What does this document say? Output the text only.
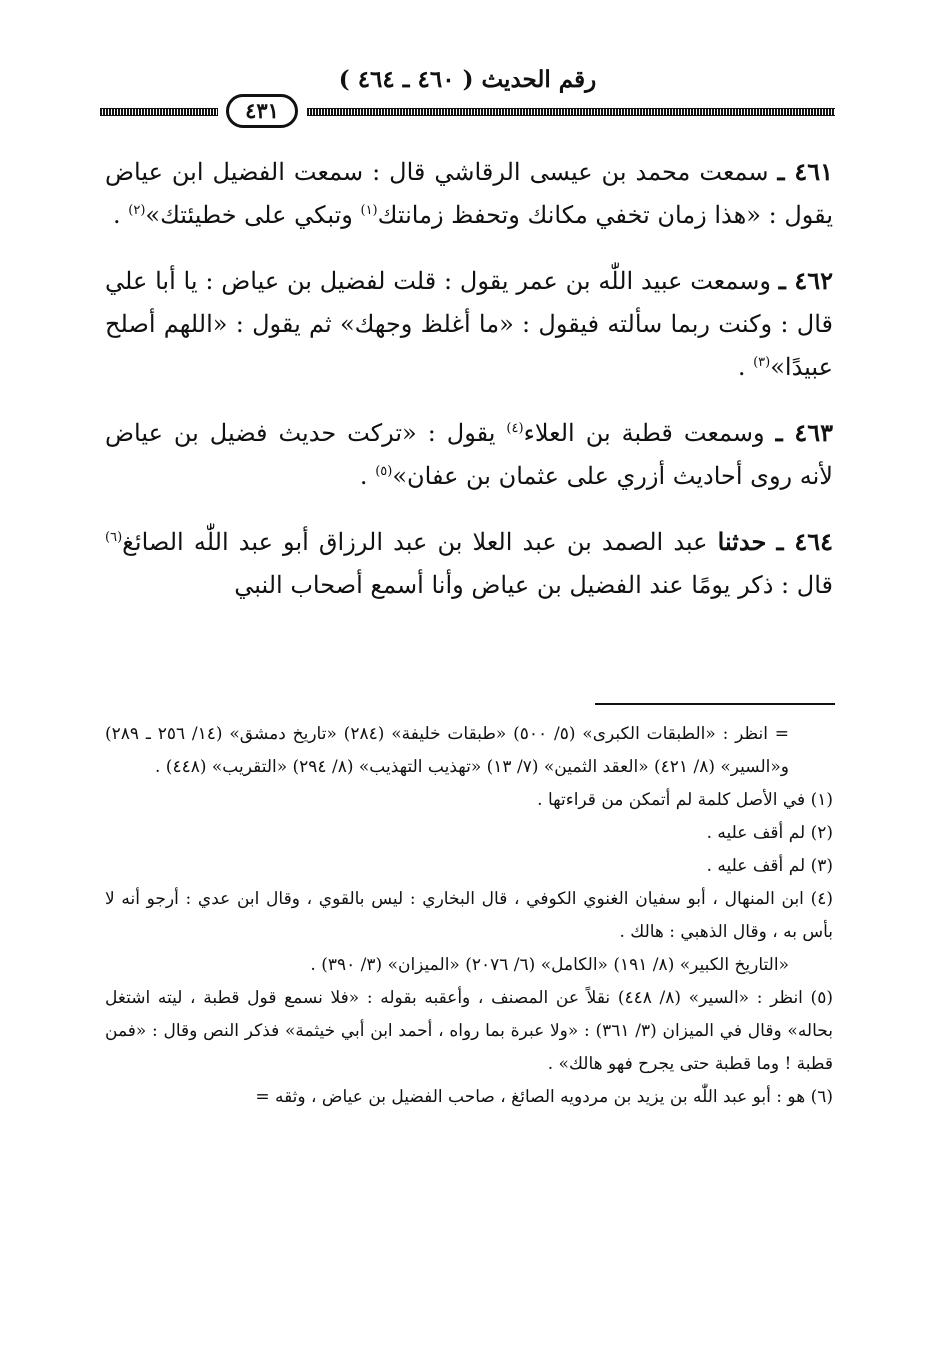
رقم الحديث ( ٤٦٠ ـ ٤٦٤ )
٤٣١

٤٦١ ـ سمعت محمد بن عيسى الرقاشي قال : سمعت الفضيل ابن عياض يقول : «هذا زمان تخفي مكانك وتحفظ زمانتك$^{(١)}$ وتبكي على خطيئتك»$^{(٢)}$ .

٤٦٢ ـ وسمعت عبيد اللّٰه بن عمر يقول : قلت لفضيل بن عياض : يا أبا علي قال : وكنت ربما سألته فيقول : «ما أغلظ وجهك» ثم يقول : «اللهم أصلح عبيدًا»$^{(٣)}$ .

٤٦٣ ـ وسمعت قطبة بن العلاء$^{(٤)}$ يقول : «تركت حديث فضيل بن عياض لأنه روى أحاديث أزري على عثمان بن عفان»$^{(٥)}$ .

٤٦٤ ـ حدثنا عبد الصمد بن عبد العلا بن عبد الرزاق أبو عبد اللّٰه الصائغ$^{(٦)}$ قال : ذكر يومًا عند الفضيل بن عياض وأنا أسمع أصحاب النبي

= انظر : «الطبقات الكبرى» (٥/ ٥٠٠) «طبقات خليفة» (٢٨٤) «تاريخ دمشق» (١٤/ ٢٥٦ ـ ٢٨٩) و«السير» (٨/ ٤٢١) «العقد الثمين» (٧/ ١٣) «تهذيب التهذيب» (٨/ ٢٩٤) «التقريب» (٤٤٨) .

(١) في الأصل كلمة لم أتمكن من قراءتها .

(٢) لم أقف عليه .

(٣) لم أقف عليه .

(٤) ابن المنهال ، أبو سفيان الغنوي الكوفي ، قال البخاري : ليس بالقوي ، وقال ابن عدي : أرجو أنه لا بأس به ، وقال الذهبي : هالك .

«التاريخ الكبير» (٨/ ١٩١) «الكامل» (٦/ ٢٠٧٦) «الميزان» (٣/ ٣٩٠) .

(٥) انظر : «السير» (٨/ ٤٤٨) نقلاً عن المصنف ، وأعقبه بقوله : «فلا نسمع قول قطبة ، ليته اشتغل بحاله» وقال في الميزان (٣/ ٣٦١) : «ولا عبرة بما رواه ، أحمد ابن أبي خيثمة» فذكر النص وقال : «فمن قطبة ! وما قطبة حتى يجرح فهو هالك» .

(٦) هو : أبو عبد اللّٰه بن يزيد بن مردويه الصائغ ، صاحب الفضيل بن عياض ، وثقه =
